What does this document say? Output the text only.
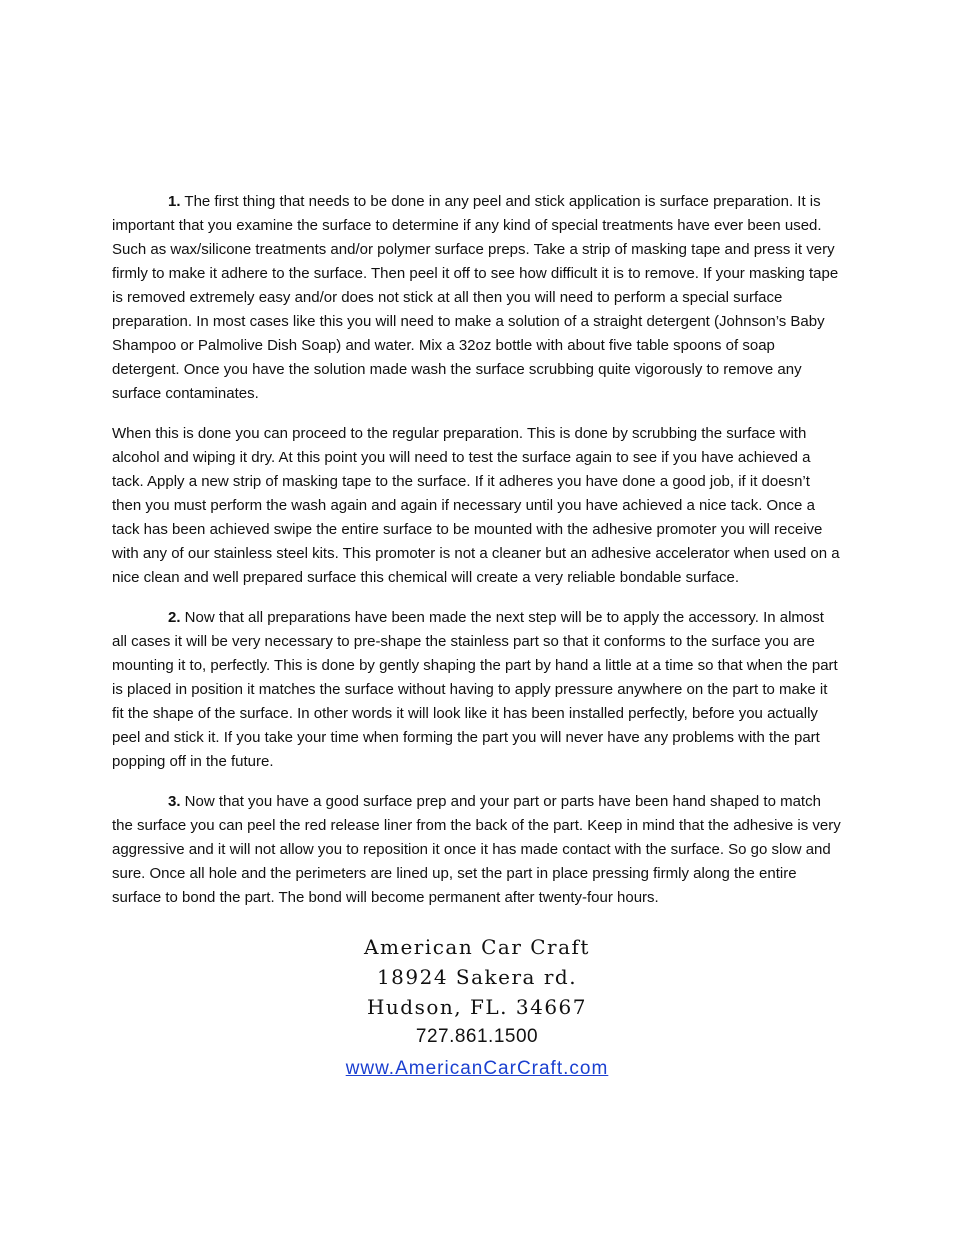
1. The first thing that needs to be done in any peel and stick application is surface preparation. It is important that you examine the surface to determine if any kind of special treatments have ever been used. Such as wax/silicone treatments and/or polymer surface preps. Take a strip of masking tape and press it very firmly to make it adhere to the surface. Then peel it off to see how difficult it is to remove. If your masking tape is removed extremely easy and/or does not stick at all then you will need to perform a special surface preparation. In most cases like this you will need to make a solution of a straight detergent (Johnson’s Baby Shampoo or Palmolive Dish Soap) and water. Mix a 32oz bottle with about five table spoons of soap detergent. Once you have the solution made wash the surface scrubbing quite vigorously to remove any surface contaminates.

When this is done you can proceed to the regular preparation. This is done by scrubbing the surface with alcohol and wiping it dry. At this point you will need to test the surface again to see if you have achieved a tack. Apply a new strip of masking tape to the surface. If it adheres you have done a good job, if it doesn’t then you must perform the wash again and again if necessary until you have achieved a nice tack. Once a tack has been achieved swipe the entire surface to be mounted with the adhesive promoter you will receive with any of our stainless steel kits. This promoter is not a cleaner but an adhesive accelerator when used on a nice clean and well prepared surface this chemical will create a very reliable bondable surface.

2. Now that all preparations have been made the next step will be to apply the accessory. In almost all cases it will be very necessary to pre-shape the stainless part so that it conforms to the surface you are mounting it to, perfectly. This is done by gently shaping the part by hand a little at a time so that when the part is placed in position it matches the surface without having to apply pressure anywhere on the part to make it fit the shape of the surface. In other words it will look like it has been installed perfectly, before you actually peel and stick it. If you take your time when forming the part you will never have any problems with the part popping off in the future.

3. Now that you have a good surface prep and your part or parts have been hand shaped to match the surface you can peel the red release liner from the back of the part. Keep in mind that the adhesive is very aggressive and it will not allow you to reposition it once it has made contact with the surface. So go slow and sure. Once all hole and the perimeters are lined up, set the part in place pressing firmly along the entire surface to bond the part. The bond will become permanent after twenty-four hours.

American Car Craft
18924 Sakera rd.
Hudson, FL. 34667
727.861.1500
www.AmericanCarCraft.com
